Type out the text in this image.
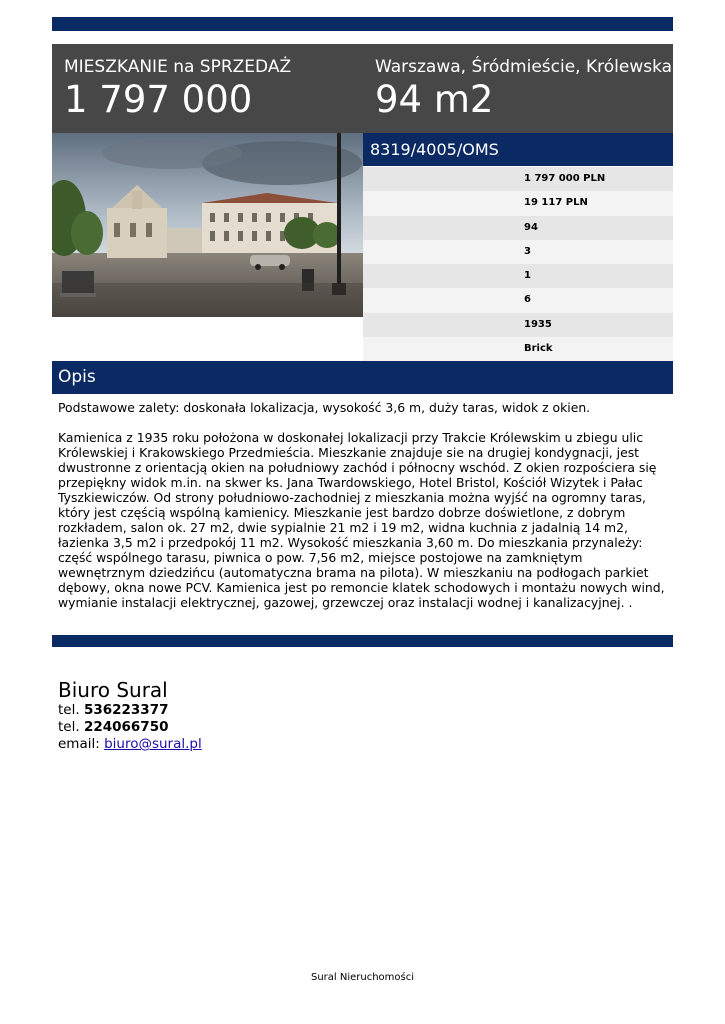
MIESZKANIE na SPRZEDAŻ
1 797 000
Warszawa, Śródmieście, Królewska
94 m2
8319/4005/OMS
1 797 000 PLN
19 117 PLN
94
3
1
6
1935
Brick
Opis

Podstawowe zalety: doskonała lokalizacja, wysokość 3,6 m, duży taras, widok z okien.

Kamienica z 1935 roku położona w doskonałej lokalizacji przy Trakcie Królewskim u zbiegu ulic Królewskiej i Krakowskiego Przedmieścia. Mieszkanie znajduje sie na drugiej kondygnacji, jest dwustronne z orientacją okien na południowy zachód i północny wschód. Z okien rozpościera się przepiękny widok m.in. na skwer ks. Jana Twardowskiego, Hotel Bristol, Kościół Wizytek i Pałac Tyszkiewiczów. Od strony południowo-zachodniej z mieszkania można wyjść na ogromny taras, który jest częścią wspólną kamienicy. Mieszkanie jest bardzo dobrze doświetlone, z dobrym rozkładem, salon ok. 27 m2, dwie sypialnie 21 m2 i 19 m2, widna kuchnia z jadalnią 14 m2, łazienka 3,5 m2 i przedpokój 11 m2. Wysokość mieszkania 3,60 m. Do mieszkania przynależy: część wspólnego tarasu, piwnica o pow. 7,56 m2, miejsce postojowe na zamkniętym wewnętrznym dziedzińcu (automatyczna brama na pilota). W mieszkaniu na podłogach parkiet dębowy, okna nowe PCV. Kamienica jest po remoncie klatek schodowych i montażu nowych wind, wymianie instalacji elektrycznej, gazowej, grzewczej oraz instalacji wodnej i kanalizacyjnej. .

Biuro Sural
tel. 536223377
tel. 224066750
email: biuro@sural.pl
Sural Nieruchomości
